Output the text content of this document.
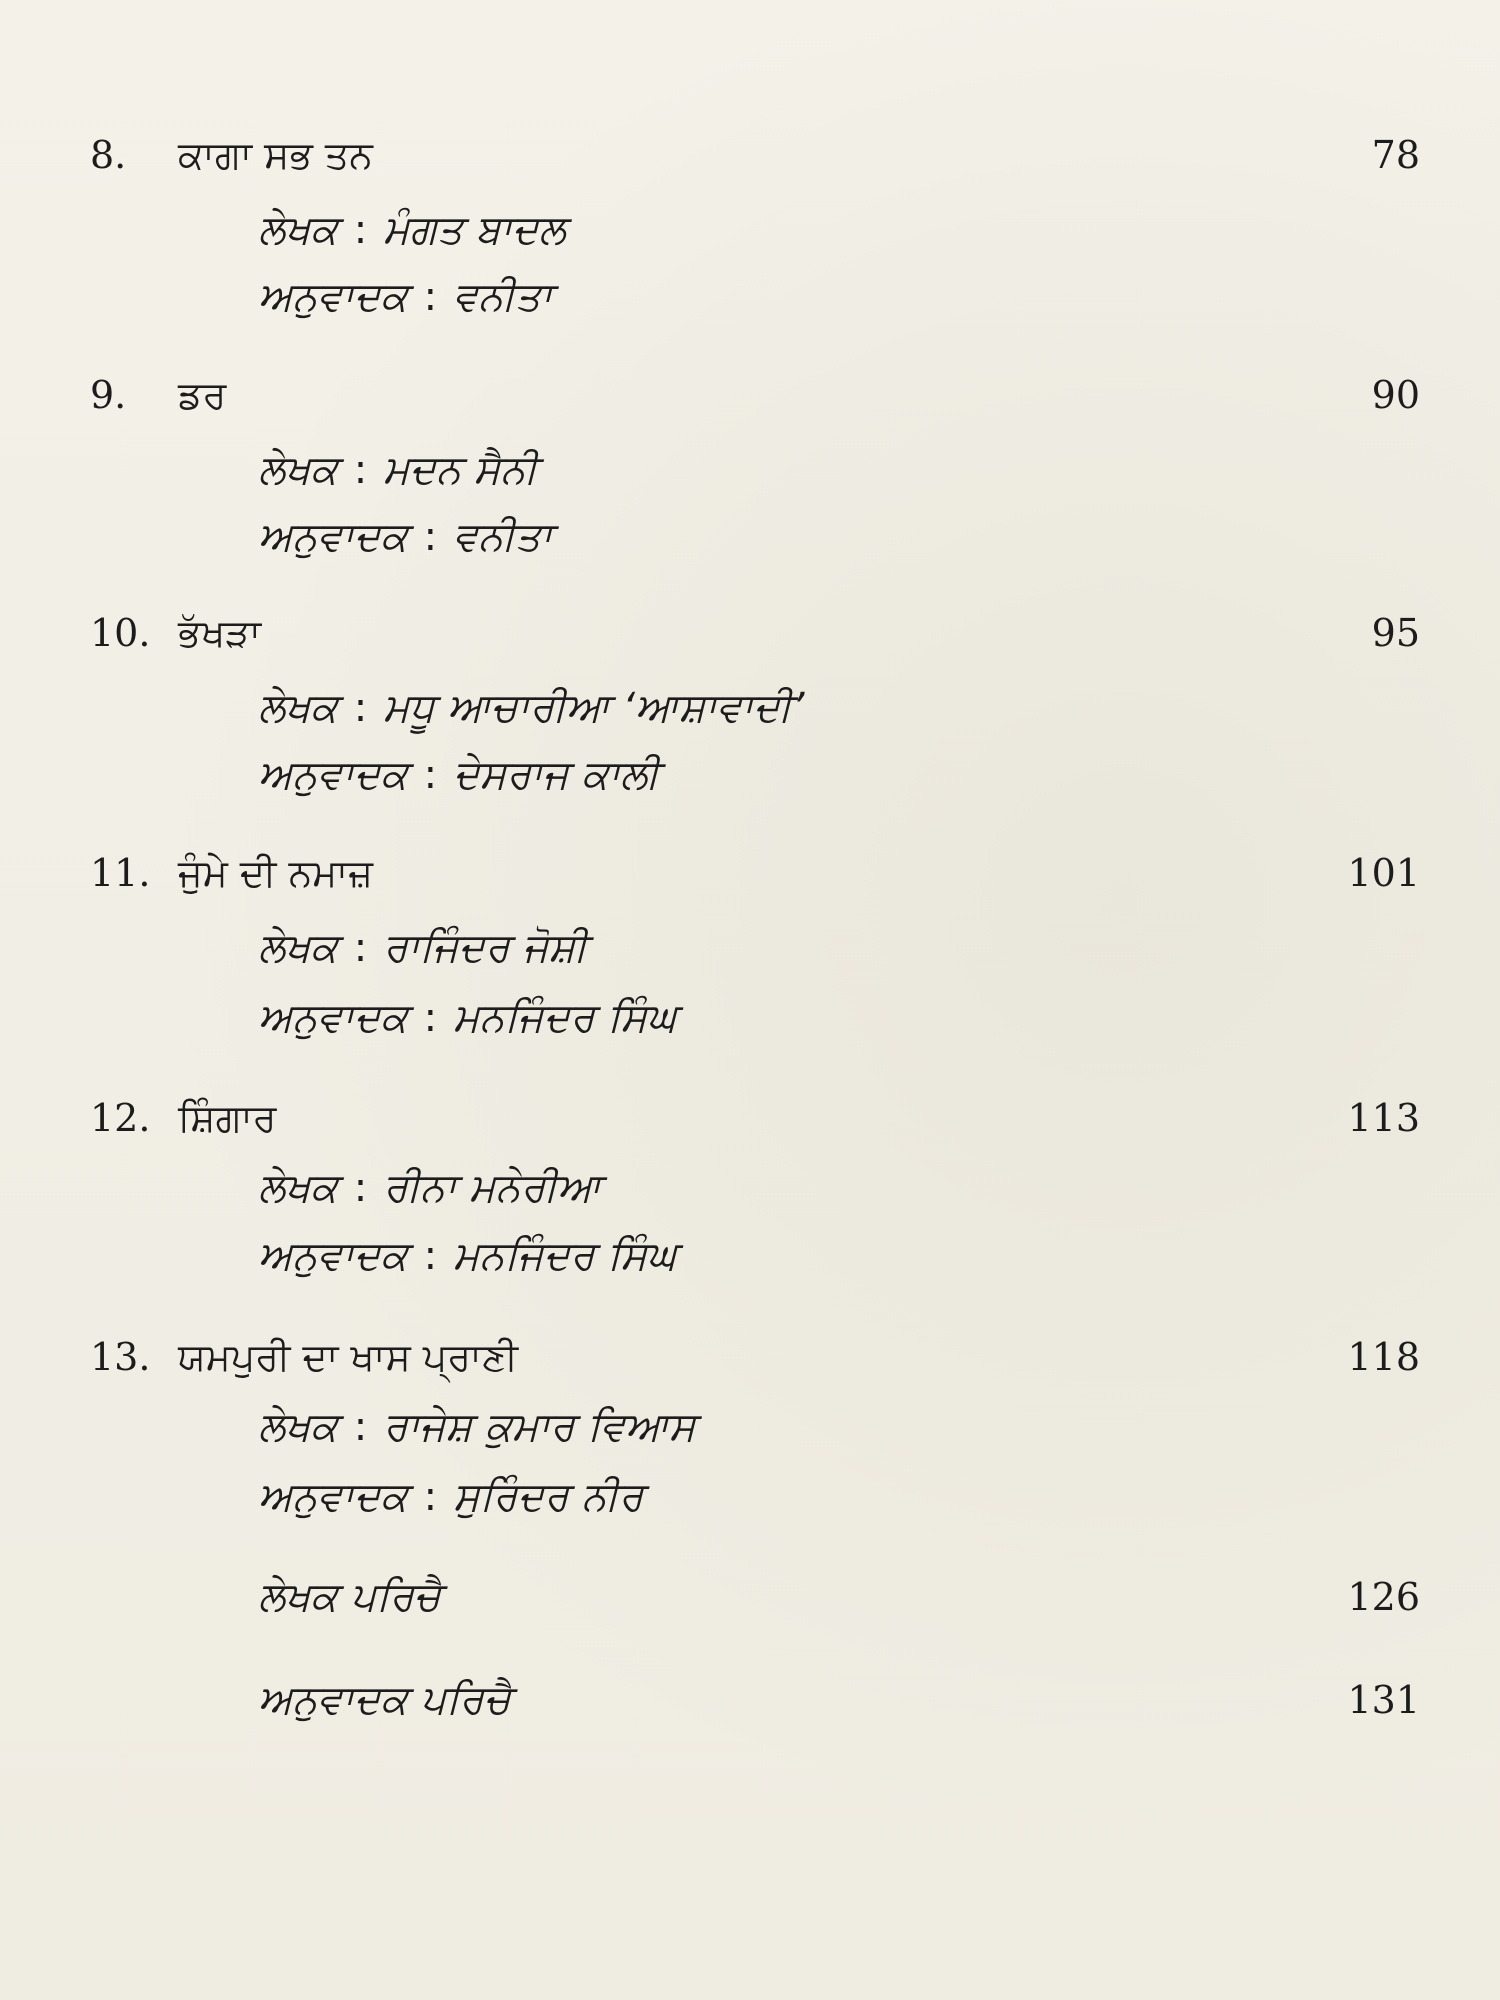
8. ਕਾਗਾ ਸਭ ਤਨ	78
ਲੇਖਕ : ਮੰਗਤ ਬਾਦਲ
ਅਨੁਵਾਦਕ : ਵਨੀਤਾ
9. ਡਰ	90
ਲੇਖਕ : ਮਦਨ ਸੈਨੀ
ਅਨੁਵਾਦਕ : ਵਨੀਤਾ
10. ਭੱਖੜਾ	95
ਲੇਖਕ : ਮਧੂ ਆਚਾਰੀਆ ‘ਆਸ਼ਾਵਾਦੀ’
ਅਨੁਵਾਦਕ : ਦੇਸਰਾਜ ਕਾਲੀ
11. ਜੁੰਮੇ ਦੀ ਨਮਾਜ਼	101
ਲੇਖਕ : ਰਾਜਿੰਦਰ ਜੋਸ਼ੀ
ਅਨੁਵਾਦਕ : ਮਨਜਿੰਦਰ ਸਿੰਘ
12. ਸ਼ਿੰਗਾਰ	113
ਲੇਖਕ : ਰੀਨਾ ਮਨੇਰੀਆ
ਅਨੁਵਾਦਕ : ਮਨਜਿੰਦਰ ਸਿੰਘ
13. ਯਮਪੁਰੀ ਦਾ ਖਾਸ ਪ੍ਰਾਣੀ	118
ਲੇਖਕ : ਰਾਜੇਸ਼ ਕੁਮਾਰ ਵਿਆਸ
ਅਨੁਵਾਦਕ : ਸੁਰਿੰਦਰ ਨੀਰ
ਲੇਖਕ ਪਰਿਚੈ	126
ਅਨੁਵਾਦਕ ਪਰਿਚੈ	131
